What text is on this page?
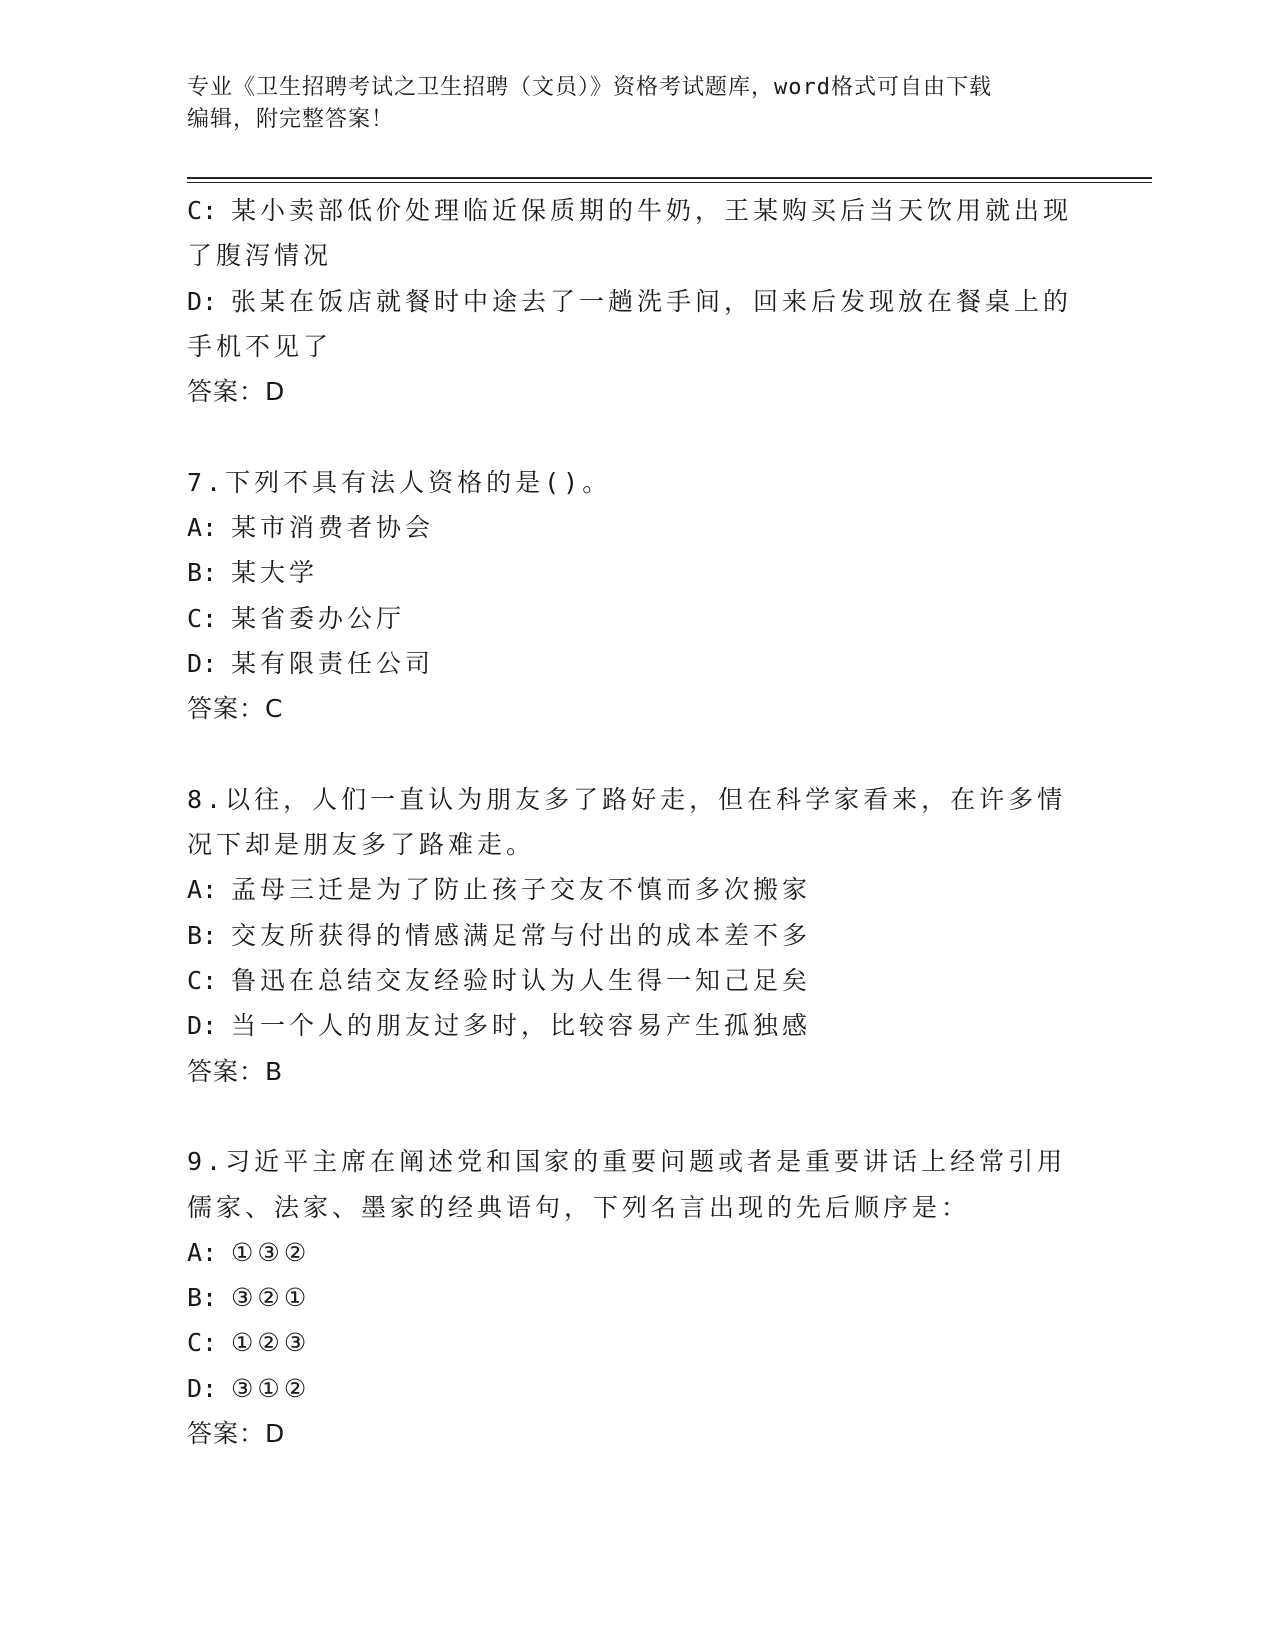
专业《卫生招聘考试之卫生招聘（文员）》资格考试题库，word格式可自由下载
编辑，附完整答案！
C: 某小卖部低价处理临近保质期的牛奶，王某购买后当天饮用就出现
了腹泻情况
D: 张某在饭店就餐时中途去了一趟洗手间，回来后发现放在餐桌上的
手机不见了
答案：D
7.下列不具有法人资格的是()。
A: 某市消费者协会
B: 某大学
C: 某省委办公厅
D: 某有限责任公司
答案：C
8.以往，人们一直认为朋友多了路好走，但在科学家看来，在许多情
况下却是朋友多了路难走。
A: 孟母三迁是为了防止孩子交友不慎而多次搬家
B: 交友所获得的情感满足常与付出的成本差不多
C: 鲁迅在总结交友经验时认为人生得一知己足矣
D: 当一个人的朋友过多时，比较容易产生孤独感
答案：B
9.习近平主席在阐述党和国家的重要问题或者是重要讲话上经常引用
儒家、法家、墨家的经典语句，下列名言出现的先后顺序是：
A: ①③②
B: ③②①
C: ①②③
D: ③①②
答案：D
